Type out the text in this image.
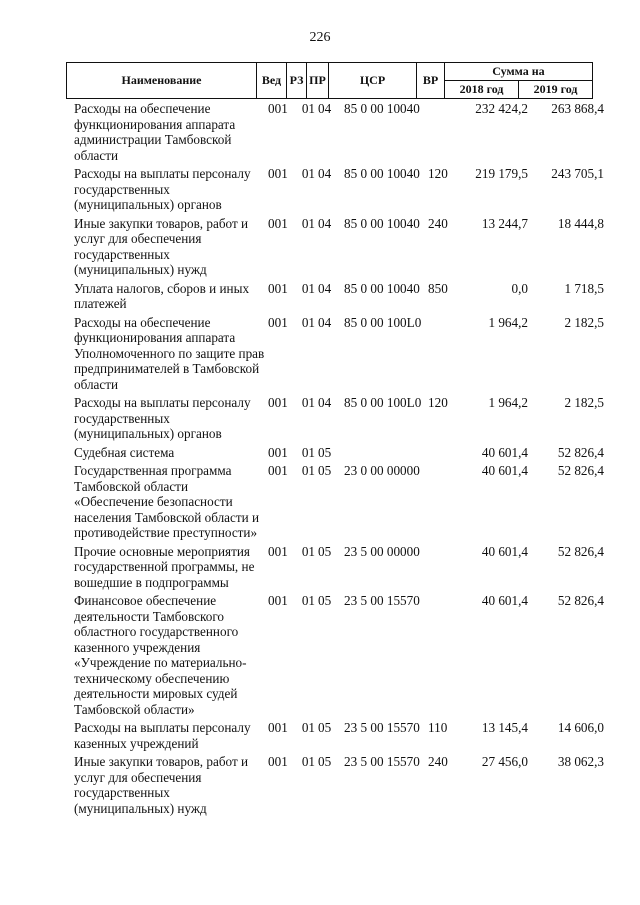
226
Наименование	Вед	РЗ	ПР	ЦСР	ВР	Сумма на	
						2018 год	2019 год
Расходы на обеспечение функционирования аппарата администрации Тамбовской области	001	01	04	85 0 00 10040		232 424,2	263 868,4
Расходы на выплаты персоналу государственных (муниципальных) органов	001	01	04	85 0 00 10040	120	219 179,5	243 705,1
Иные закупки товаров, работ и услуг для обеспечения государственных (муниципальных) нужд	001	01	04	85 0 00 10040	240	13 244,7	18 444,8
Уплата налогов, сборов и иных платежей	001	01	04	85 0 00 10040	850	0,0	1 718,5
Расходы на обеспечение функционирования аппарата Уполномоченного по защите прав предпринимателей в Тамбовской области	001	01	04	85 0 00 100L0		1 964,2	2 182,5
Расходы на выплаты персоналу государственных (муниципальных) органов	001	01	04	85 0 00 100L0	120	1 964,2	2 182,5
Судебная система	001	01	05			40 601,4	52 826,4
Государственная программа Тамбовской области «Обеспечение безопасности населения Тамбовской области и противодействие преступности»	001	01	05	23 0 00 00000		40 601,4	52 826,4
Прочие основные мероприятия государственной программы, не вошедшие в подпрограммы	001	01	05	23 5 00 00000		40 601,4	52 826,4
Финансовое обеспечение деятельности Тамбовского областного государственного казенного учреждения «Учреждение по материально-техническому обеспечению деятельности мировых судей Тамбовской области»	001	01	05	23 5 00 15570		40 601,4	52 826,4
Расходы на выплаты персоналу казенных учреждений	001	01	05	23 5 00 15570	110	13 145,4	14 606,0
Иные закупки товаров, работ и услуг для обеспечения государственных (муниципальных) нужд	001	01	05	23 5 00 15570	240	27 456,0	38 062,3
